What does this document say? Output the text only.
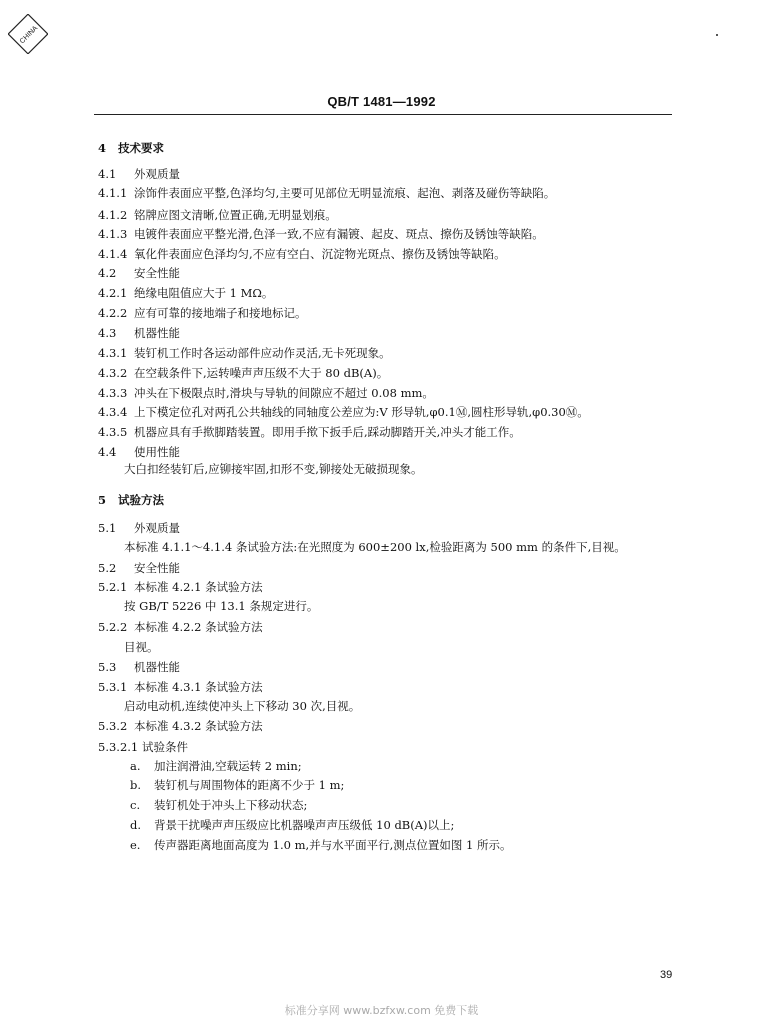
CHINA
QB/T 1481—1992
4 技术要求
4.1 外观质量
4.1.1 涂饰件表面应平整,色泽均匀,主要可见部位无明显流痕、起泡、剥落及碰伤等缺陷。
4.1.2 铭牌应图文清晰,位置正确,无明显划痕。
4.1.3 电镀件表面应平整光滑,色泽一致,不应有漏镀、起皮、斑点、擦伤及锈蚀等缺陷。
4.1.4 氧化件表面应色泽均匀,不应有空白、沉淀物光斑点、擦伤及锈蚀等缺陷。
4.2 安全性能
4.2.1 绝缘电阻值应大于 1 MΩ。
4.2.2 应有可靠的接地端子和接地标记。
4.3 机器性能
4.3.1 装钉机工作时各运动部件应动作灵活,无卡死现象。
4.3.2 在空载条件下,运转噪声声压级不大于 80 dB(A)。
4.3.3 冲头在下极限点时,滑块与导轨的间隙应不超过 0.08 mm。
4.3.4 上下模定位孔对两孔公共轴线的同轴度公差应为:V 形导轨,φ0.1Ⓜ,圆柱形导轨,φ0.30Ⓜ。
4.3.5 机器应具有手揿脚踏装置。即用手揿下扳手后,踩动脚踏开关,冲头才能工作。
4.4 使用性能
大白扣经装钉后,应铆接牢固,扣形不变,铆接处无破损现象。
5 试验方法
5.1 外观质量
本标准 4.1.1～4.1.4 条试验方法:在光照度为 600±200 lx,检验距离为 500 mm 的条件下,目视。
5.2 安全性能
5.2.1 本标准 4.2.1 条试验方法
按 GB/T 5226 中 13.1 条规定进行。
5.2.2 本标准 4.2.2 条试验方法
目视。
5.3 机器性能
5.3.1 本标准 4.3.1 条试验方法
启动电动机,连续使冲头上下移动 30 次,目视。
5.3.2 本标准 4.3.2 条试验方法
5.3.2.1 试验条件
a. 加注润滑油,空载运转 2 min;
b. 装钉机与周围物体的距离不少于 1 m;
c. 装钉机处于冲头上下移动状态;
d. 背景干扰噪声声压级应比机器噪声声压级低 10 dB(A)以上;
e. 传声器距离地面高度为 1.0 m,并与水平面平行,测点位置如图 1 所示。
39
标准分享网 www.bzfxw.com 免费下载
